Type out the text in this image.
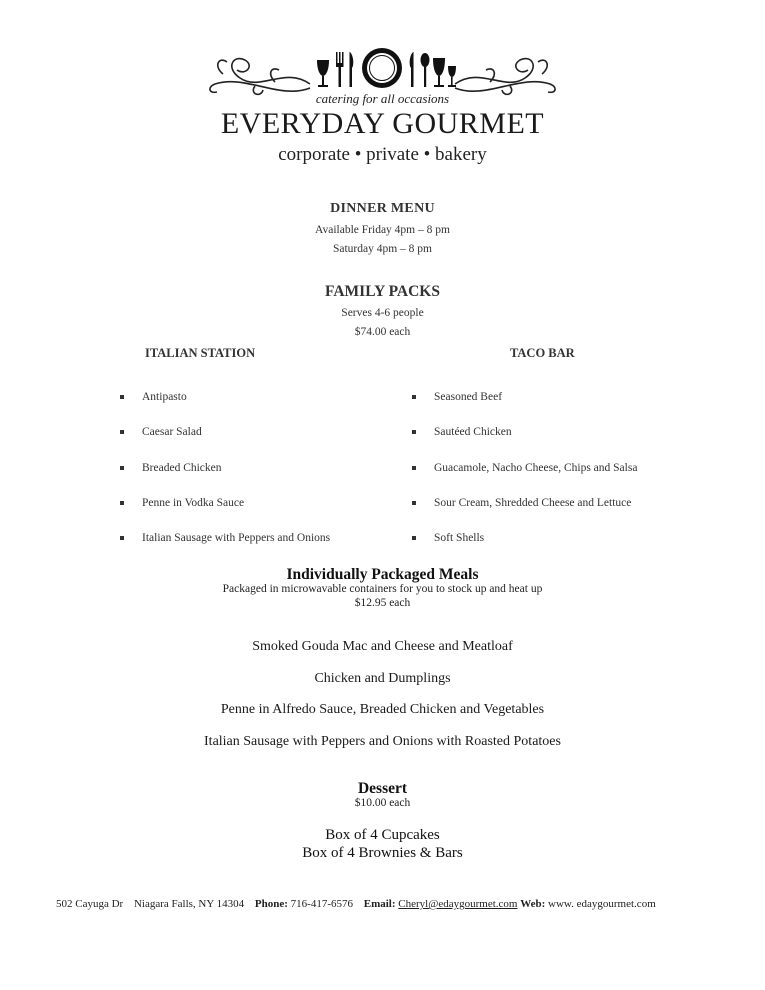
catering for all occasions
EVERYDAY GOURMET
corporate • private • bakery
DINNER MENU
Available Friday 4pm – 8 pm
Saturday 4pm – 8 pm
FAMILY PACKS
Serves 4-6 people
$74.00 each
ITALIAN STATION	TACO BAR
Antipasto
Caesar Salad
Breaded Chicken
Penne in Vodka Sauce
Italian Sausage with Peppers and Onions
Seasoned Beef
Sautéed Chicken
Guacamole, Nacho Cheese, Chips and Salsa
Sour Cream, Shredded Cheese and Lettuce
Soft Shells
Individually Packaged Meals
Packaged in microwavable containers for you to stock up and heat up
$12.95 each
Smoked Gouda Mac and Cheese and Meatloaf
Chicken and Dumplings
Penne in Alfredo Sauce, Breaded Chicken and Vegetables
Italian Sausage with Peppers and Onions with Roasted Potatoes
Dessert
$10.00 each
Box of 4 Cupcakes
Box of 4 Brownies & Bars
502 Cayuga Dr Niagara Falls, NY 14304 Phone: 716-417-6576 Email: Cheryl@edaygourmet.com Web: www. edaygourmet.com
